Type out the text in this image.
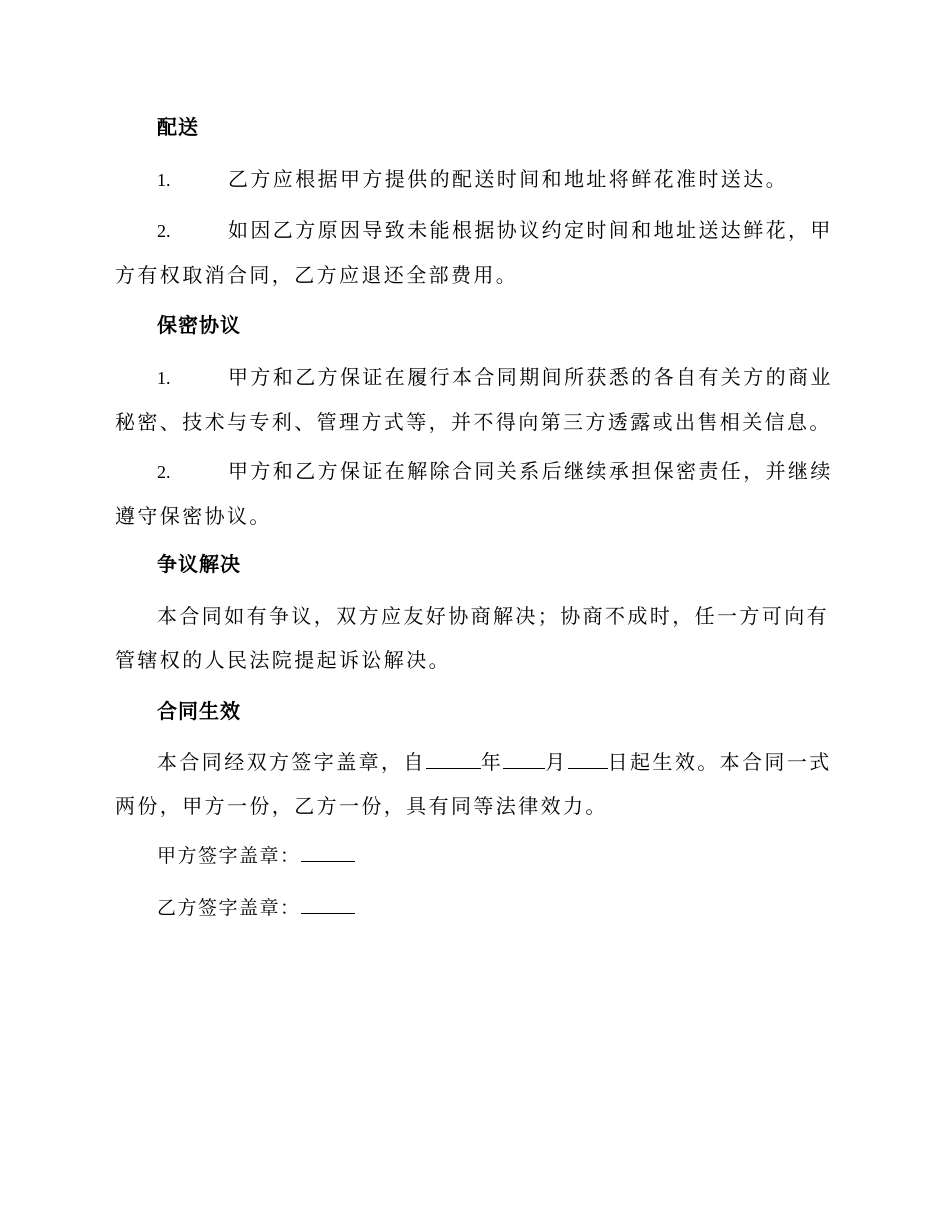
配送
1.	乙方应根据甲方提供的配送时间和地址将鲜花准时送达。
2.	如因乙方原因导致未能根据协议约定时间和地址送达鲜花，甲方有权取消合同，乙方应退还全部费用。
保密协议
1.	甲方和乙方保证在履行本合同期间所获悉的各自有关方的商业秘密、技术与专利、管理方式等，并不得向第三方透露或出售相关信息。
2.	甲方和乙方保证在解除合同关系后继续承担保密责任，并继续遵守保密协议。
争议解决
本合同如有争议，双方应友好协商解决；协商不成时，任一方可向有管辖权的人民法院提起诉讼解决。
合同生效
本合同经双方签字盖章，自	年 月 日起生效。本合同一式两份，甲方一份，乙方一份，具有同等法律效力。
甲方签字盖章：
乙方签字盖章：
